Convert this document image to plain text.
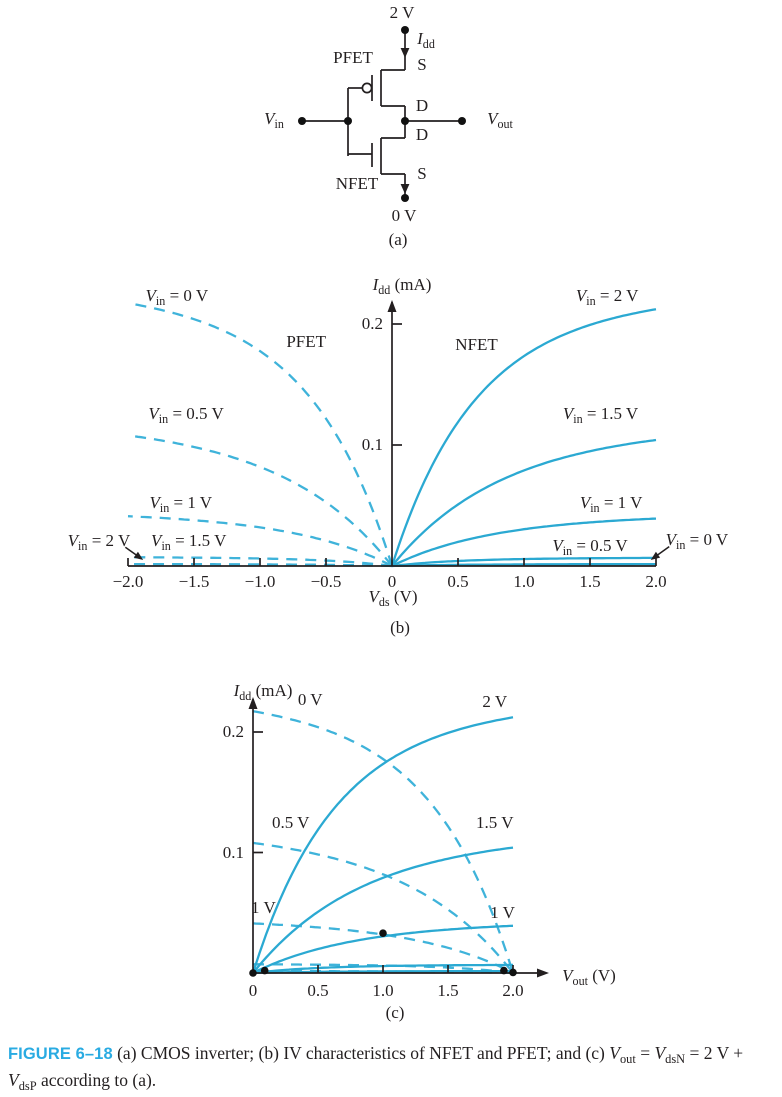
2 V
$I_{dd}$
PFET	S
D
D
S
NFET
$V_{in}$	$V_{out}$
0 V
(a)
−2.0 −1.5 −1.0 −0.5	0	0.5	1.0	1.5	2.0
0.1
0.2
$I_{dd}$ (mA)
$V_{ds}$ (V)
(b)
$V_{in} = 0$ V
$V_{in} = 0.5$ V
$V_{in} = 1$ V
$V_{in} = 1.5$ V
$V_{in} = 2$ V
$V_{in} = 2$ V
$V_{in} = 1.5$ V
$V_{in} = 1$ V
$V_{in} = 0.5$ V $V_{in} = 0$ V
PFET	NFET
0	0.5	1.0	1.5	2.0
0.1
0.2
$I_{dd}$ (mA)
$V_{out}$ (V)
(c)
0 V
0.5 V
1 V
2 V
1.5 V
1 V
FIGURE 6–18 (a) CMOS inverter; (b) IV characteristics of NFET and PFET; and (c) $V_{out} = V_{dsN} = 2$ $V + V_{dsP}$ according to (a).
